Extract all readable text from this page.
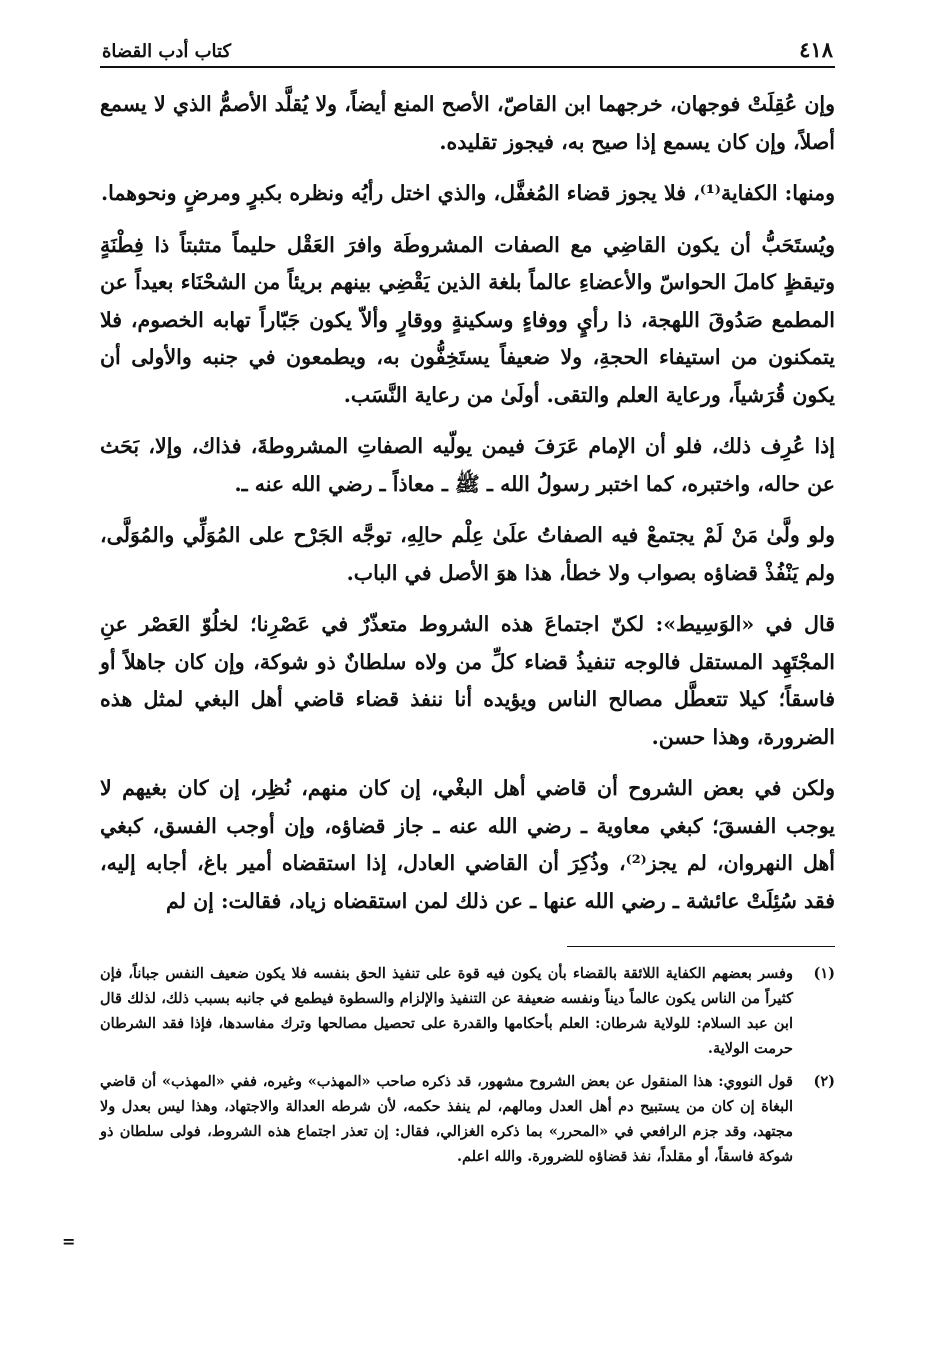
٤١٨
كتاب أدب القضاة

وإن عُقِلَتْ فوجهان، خرجهما ابن القاصّ، الأصح المنع أيضاً، ولا يُقلَّد الأصمُّ الذي لا يسمع أصلاً، وإن كان يسمع إذا صيح به، فيجوز تقليده.

ومنها: الكفاية⁽¹⁾، فلا يجوز قضاء المُغفَّل، والذي اختل رأيُه ونظره بكبرٍ ومرضٍ ونحوهما.

ويُستَحَبُّ أن يكون القاضِي مع الصفات المشروطَة وافرَ العَقْل حليماً متثبتاً ذا فِطْنَةٍ وتيقظٍ كاملَ الحواسّ والأعضاءِ عالماً بلغة الذين يَقْضِي بينهم بريئاً من الشحْنَاء بعيداً عن المطمع صَدُوقَ اللهجة، ذا رأيٍ ووفاءٍ وسكينةٍ ووقارٍ وألاّ يكون جَبّاراً تهابه الخصوم، فلا يتمكنون من استيفاء الحجةِ، ولا ضعيفاً يستَخِفُّون به، ويطمعون في جنبه والأولى أن يكون قُرَشياً، ورعاية العلم والتقى. أولَىٰ من رعاية النَّسَب.

إذا عُرِف ذلك، فلو أن الإمام عَرَفَ فيمن يولّيه الصفاتِ المشروطةَ، فذاك، وإلا، بَحَث عن حاله، واختبره، كما اختبر رسولُ الله ـ ﷺ ـ معاذاً ـ رضي الله عنه ـ.

ولو ولَّىٰ مَنْ لَمْ يجتمعْ فيه الصفاتُ علَىٰ عِلْم حالِهِ، توجَّه الجَرْح على المُوَلِّي والمُوَلَّى، ولم يَنْفُذْ قضاؤه بصواب ولا خطأ، هذا هوَ الأصل في الباب.

قال في «الوَسِيط»: لكنّ اجتماعَ هذه الشروط متعذّرٌ في عَصْرِنا؛ لخلُوّ العَصْر عنِ المجْتَهِد المستقل فالوجه تنفيذُ قضاء كلِّ من ولاه سلطانٌ ذو شوكة، وإن كان جاهلاً أو فاسقاً؛ كيلا تتعطَّل مصالح الناس ويؤيده أنا ننفذ قضاء قاضي أهل البغي لمثل هذه الضرورة، وهذا حسن.

ولكن في بعض الشروح أن قاضي أهل البغْي، إن كان منهم، نُظِر، إن كان بغيهم لا يوجب الفسقَ؛ كبغي معاوية ـ رضي الله عنه ـ جاز قضاؤه، وإن أوجب الفسق، كبغي أهل النهروان، لم يجز⁽²⁾، وذُكِرَ أن القاضي العادل، إذا استقضاه أمير باغ، أجابه إليه، فقد سُئِلَتْ عائشة ـ رضي الله عنها ـ عن ذلك لمن استقضاه زياد، فقالت: إن لم

(١)
وفسر بعضهم الكفاية اللائقة بالقضاء بأن يكون فيه قوة على تنفيذ الحق بنفسه فلا يكون ضعيف النفس جباناً، فإن كثيراً من الناس يكون عالماً ديناً ونفسه ضعيفة عن التنفيذ والإلزام والسطوة فيطمع في جانبه بسبب ذلك، لذلك قال ابن عبد السلام: للولاية شرطان: العلم بأحكامها والقدرة على تحصيل مصالحها وترك مفاسدها، فإذا فقد الشرطان حرمت الولاية.
(٢)
قول النووي: هذا المنقول عن بعض الشروح مشهور، قد ذكره صاحب «المهذب» وغيره، ففي «المهذب» أن قاضي البغاة إن كان من يستبيح دم أهل العدل ومالهم، لم ينفذ حكمه، لأن شرطه العدالة والاجتهاد، وهذا ليس بعدل ولا مجتهد، وقد جزم الرافعي في «المحرر» بما ذكره الغزالي، فقال: إن تعذر اجتماع هذه الشروط، فولى سلطان ذو شوكة فاسقاً، أو مقلداً، نفذ قضاؤه للضرورة. والله اعلم.
=
